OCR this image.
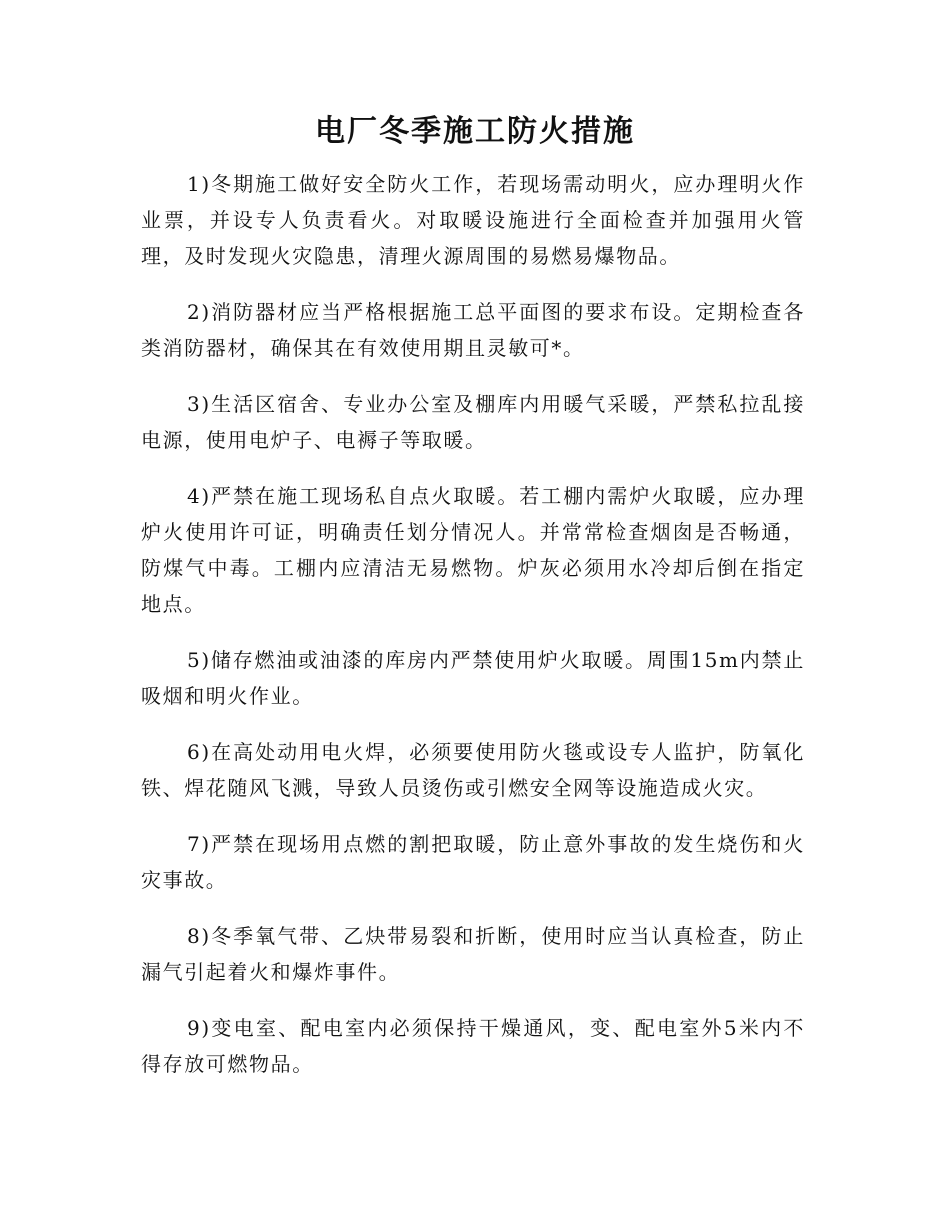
电厂冬季施工防火措施

1)冬期施工做好安全防火工作，若现场需动明火，应办理明火作业票，并设专人负责看火。对取暖设施进行全面检查并加强用火管理，及时发现火灾隐患，清理火源周围的易燃易爆物品。

2)消防器材应当严格根据施工总平面图的要求布设。定期检查各类消防器材，确保其在有效使用期且灵敏可*。

3)生活区宿舍、专业办公室及棚库内用暖气采暖，严禁私拉乱接电源，使用电炉子、电褥子等取暖。

4)严禁在施工现场私自点火取暖。若工棚内需炉火取暖，应办理炉火使用许可证，明确责任划分情况人。并常常检查烟囱是否畅通，防煤气中毒。工棚内应清洁无易燃物。炉灰必须用水冷却后倒在指定地点。

5)储存燃油或油漆的库房内严禁使用炉火取暖。周围15m内禁止吸烟和明火作业。

6)在高处动用电火焊，必须要使用防火毯或设专人监护，防氧化铁、焊花随风飞溅，导致人员烫伤或引燃安全网等设施造成火灾。

7)严禁在现场用点燃的割把取暖，防止意外事故的发生烧伤和火灾事故。

8)冬季氧气带、乙炔带易裂和折断，使用时应当认真检查，防止漏气引起着火和爆炸事件。

9)变电室、配电室内必须保持干燥通风，变、配电室外5米内不得存放可燃物品。
